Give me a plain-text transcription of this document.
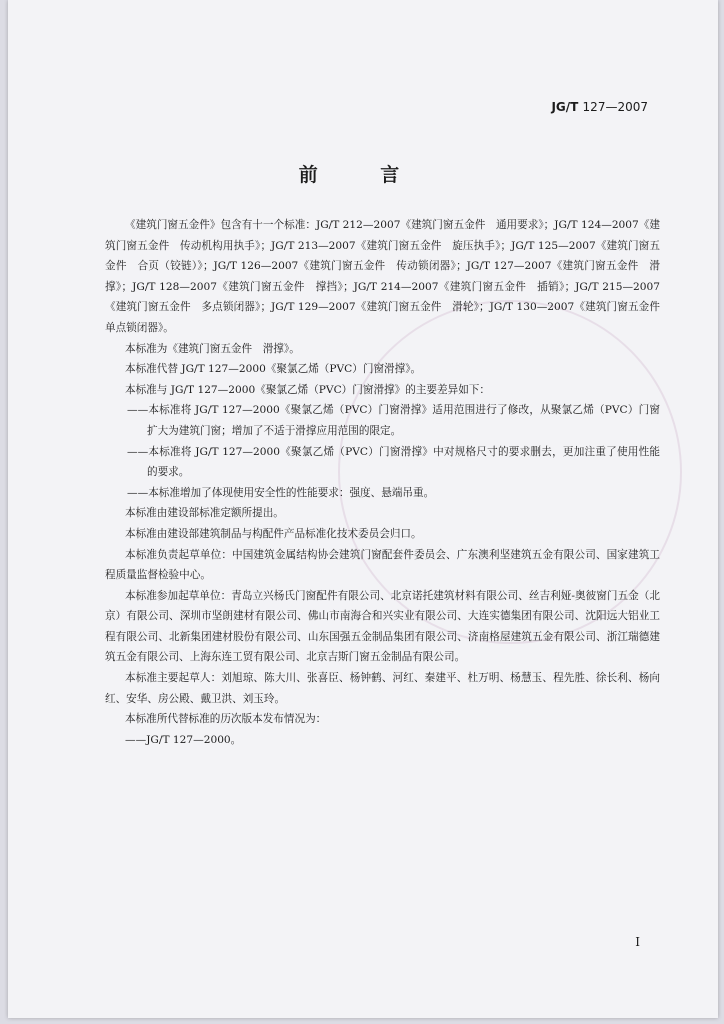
JG/T 127—2007
前 言

《建筑门窗五金件》包含有十一个标准：JG/T 212—2007《建筑门窗五金件　通用要求》；JG/T 124—2007《建筑门窗五金件　传动机构用执手》；JG/T 213—2007《建筑门窗五金件　旋压执手》；JG/T 125—2007《建筑门窗五金件　合页（铰链）》；JG/T 126—2007《建筑门窗五金件　传动锁闭器》；JG/T 127—2007《建筑门窗五金件　滑撑》；JG/T 128—2007《建筑门窗五金件　撑挡》；JG/T 214—2007《建筑门窗五金件　插销》；JG/T 215—2007《建筑门窗五金件　多点锁闭器》；JG/T 129—2007《建筑门窗五金件　滑轮》；JG/T 130—2007《建筑门窗五金件　单点锁闭器》。

本标准为《建筑门窗五金件　滑撑》。

本标准代替 JG/T 127—2000《聚氯乙烯（PVC）门窗滑撑》。

本标准与 JG/T 127—2000《聚氯乙烯（PVC）门窗滑撑》的主要差异如下：

——本标准将 JG/T 127—2000《聚氯乙烯（PVC）门窗滑撑》适用范围进行了修改，从聚氯乙烯（PVC）门窗扩大为建筑门窗；增加了不适于滑撑应用范围的限定。

——本标准将 JG/T 127—2000《聚氯乙烯（PVC）门窗滑撑》中对规格尺寸的要求删去，更加注重了使用性能的要求。

——本标准增加了体现使用安全性的性能要求：强度、悬端吊重。

本标准由建设部标准定额所提出。

本标准由建设部建筑制品与构配件产品标准化技术委员会归口。

本标准负责起草单位：中国建筑金属结构协会建筑门窗配套件委员会、广东澳利坚建筑五金有限公司、国家建筑工程质量监督检验中心。

本标准参加起草单位：青岛立兴杨氏门窗配件有限公司、北京诺托建筑材料有限公司、丝吉利娅-奥彼窗门五金（北京）有限公司、深圳市坚朗建材有限公司、佛山市南海合和兴实业有限公司、大连实德集团有限公司、沈阳远大铝业工程有限公司、北新集团建材股份有限公司、山东国强五金制品集团有限公司、济南格屋建筑五金有限公司、浙江瑞德建筑五金有限公司、上海东连工贸有限公司、北京吉斯门窗五金制品有限公司。

本标准主要起草人：刘旭琼、陈大川、张喜臣、杨钟鹤、河红、秦建平、杜万明、杨慧玉、程先胜、徐长利、杨向红、安华、房公殿、戴卫洪、刘玉玲。

本标准所代替标准的历次版本发布情况为：

——JG/T 127—2000。

I
